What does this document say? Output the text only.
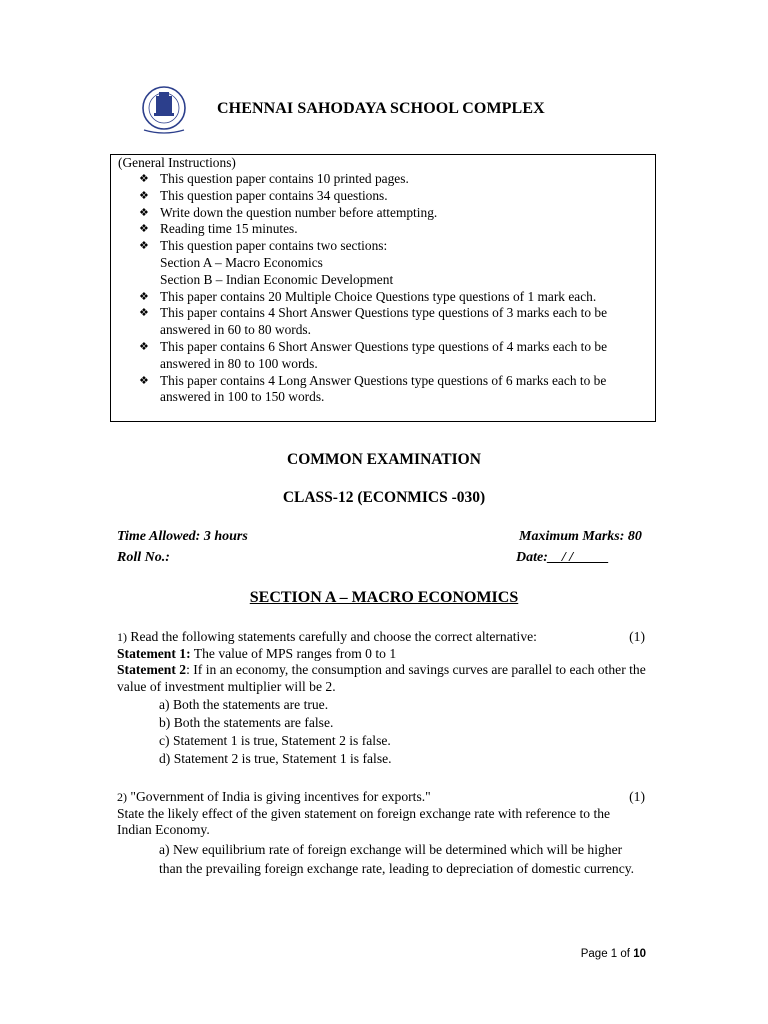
CHENNAI SAHODAYA SCHOOL COMPLEX
(General Instructions)
❖ This question paper contains 10 printed pages.
❖ This question paper contains 34 questions.
❖ Write down the question number before attempting.
❖ Reading time 15 minutes.
❖ This question paper contains two sections:
Section A – Macro Economics
Section B – Indian Economic Development
❖ This paper contains 20 Multiple Choice Questions type questions of 1 mark each.
❖ This paper contains 4 Short Answer Questions type questions of 3 marks each to be answered in 60 to 80 words.
❖ This paper contains 6 Short Answer Questions type questions of 4 marks each to be answered in 80 to 100 words.
❖ This paper contains 4 Long Answer Questions type questions of 6 marks each to be answered in 100 to 150 words.
COMMON EXAMINATION
CLASS-12 (ECONMICS -030)
Time Allowed: 3 hours	Maximum Marks: 80
Roll No.:	Date:__/ /_____
SECTION A – MACRO ECONOMICS
1) Read the following statements carefully and choose the correct alternative:	(1)
Statement 1: The value of MPS ranges from 0 to 1
Statement 2: If in an economy, the consumption and savings curves are parallel to each other the value of investment multiplier will be 2.
a) Both the statements are true.
b) Both the statements are false.
c) Statement 1 is true, Statement 2 is false.
d) Statement 2 is true, Statement 1 is false.
2) "Government of India is giving incentives for exports."	(1)
State the likely effect of the given statement on foreign exchange rate with reference to the Indian Economy.
a) New equilibrium rate of foreign exchange will be determined which will be higher than the prevailing foreign exchange rate, leading to depreciation of domestic currency.
Page 1 of 10
